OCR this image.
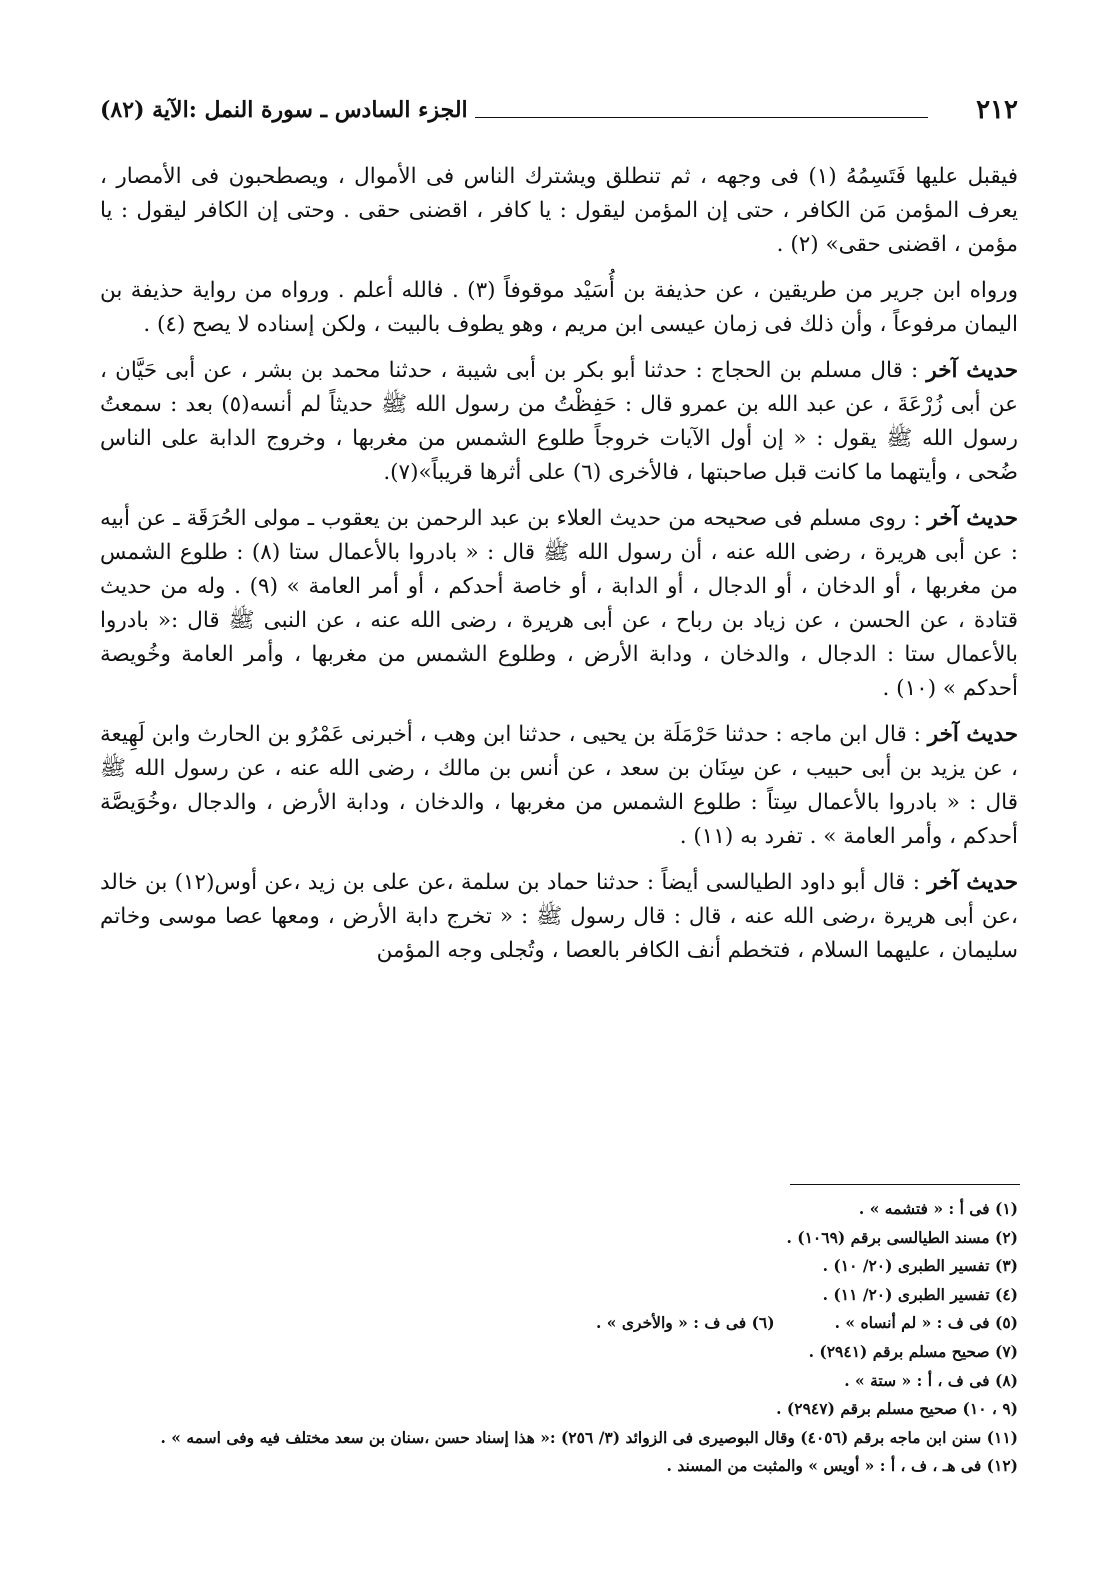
٢١٢
الجزء السادس ـ سورة النمل :الآية (٨٢)

فيقبل عليها فَتَسِمُهُ (١) فى وجهه ، ثم تنطلق ويشترك الناس فى الأموال ، ويصطحبون فى الأمصار ، يعرف المؤمن مَن الكافر ، حتى إن المؤمن ليقول : يا كافر ، اقضنى حقى . وحتى إن الكافر ليقول : يا مؤمن ، اقضنى حقى» (٢) .

ورواه ابن جرير من طريقين ، عن حذيفة بن أُسَيْد موقوفاً (٣) . فالله أعلم . ورواه من رواية حذيفة بن اليمان مرفوعاً ، وأن ذلك فى زمان عيسى ابن مريم ، وهو يطوف بالبيت ، ولكن إسناده لا يصح (٤) .

حديث آخر : قال مسلم بن الحجاج : حدثنا أبو بكر بن أبى شيبة ، حدثنا محمد بن بشر ، عن أبى حَيَّان ، عن أبى زُرْعَةَ ، عن عبد الله بن عمرو قال : حَفِظْتُ من رسول الله ﷺ حديثاً لم أنسه(٥) بعد : سمعتُ رسول الله ﷺ يقول : « إن أول الآيات خروجاً طلوع الشمس من مغربها ، وخروج الدابة على الناس ضُحى ، وأيتهما ما كانت قبل صاحبتها ، فالأخرى (٦) على أثرها قريباً»(٧).

حديث آخر : روى مسلم فى صحيحه من حديث العلاء بن عبد الرحمن بن يعقوب ـ مولى الحُرَقَة ـ عن أبيه : عن أبى هريرة ، رضى الله عنه ، أن رسول الله ﷺ قال : « بادروا بالأعمال ستا (٨) : طلوع الشمس من مغربها ، أو الدخان ، أو الدجال ، أو الدابة ، أو خاصة أحدكم ، أو أمر العامة » (٩) . وله من حديث قتادة ، عن الحسن ، عن زياد بن رباح ، عن أبى هريرة ، رضى الله عنه ، عن النبى ﷺ قال :« بادروا بالأعمال ستا : الدجال ، والدخان ، ودابة الأرض ، وطلوع الشمس من مغربها ، وأمر العامة وخُويصة أحدكم » (١٠) .

حديث آخر : قال ابن ماجه : حدثنا حَرْمَلَة بن يحيى ، حدثنا ابن وهب ، أخبرنى عَمْرُو بن الحارث وابن لَهِيعة ، عن يزيد بن أبى حبيب ، عن سِنَان بن سعد ، عن أنس بن مالك ، رضى الله عنه ، عن رسول الله ﷺ قال : « بادروا بالأعمال سِتاً : طلوع الشمس من مغربها ، والدخان ، ودابة الأرض ، والدجال ،وخُوَيصَّة أحدكم ، وأمر العامة » . تفرد به (١١) .

حديث آخر : قال أبو داود الطيالسى أيضاً : حدثنا حماد بن سلمة ،عن على بن زيد ،عن أوس(١٢) بن خالد ،عن أبى هريرة ،رضى الله عنه ، قال : قال رسول ﷺ : « تخرج دابة الأرض ، ومعها عصا موسى وخاتم سليمان ، عليهما السلام ، فتخطم أنف الكافر بالعصا ، وتُجلى وجه المؤمن

(١) فى أ : « فتشمه » .

(٢) مسند الطيالسى برقم (١٠٦٩) .

(٣) تفسير الطبرى (٢٠/ ١٠) .

(٤) تفسير الطبرى (٢٠/ ١١) .

(٥) فى ف : « لم أنساه » .
(٦) فى ف : « والأخرى » .

(٧) صحيح مسلم برقم (٢٩٤١) .

(٨) فى ف ، أ : « ستة » .

(٩ ، ١٠) صحيح مسلم برقم (٢٩٤٧) .

(١١) سنن ابن ماجه برقم (٤٠٥٦) وقال البوصيرى فى الزوائد (٣/ ٢٥٦) :« هذا إسناد حسن ،سنان بن سعد مختلف فيه وفى اسمه » .

(١٢) فى هـ ، ف ، أ : « أويس » والمثبت من المسند .
